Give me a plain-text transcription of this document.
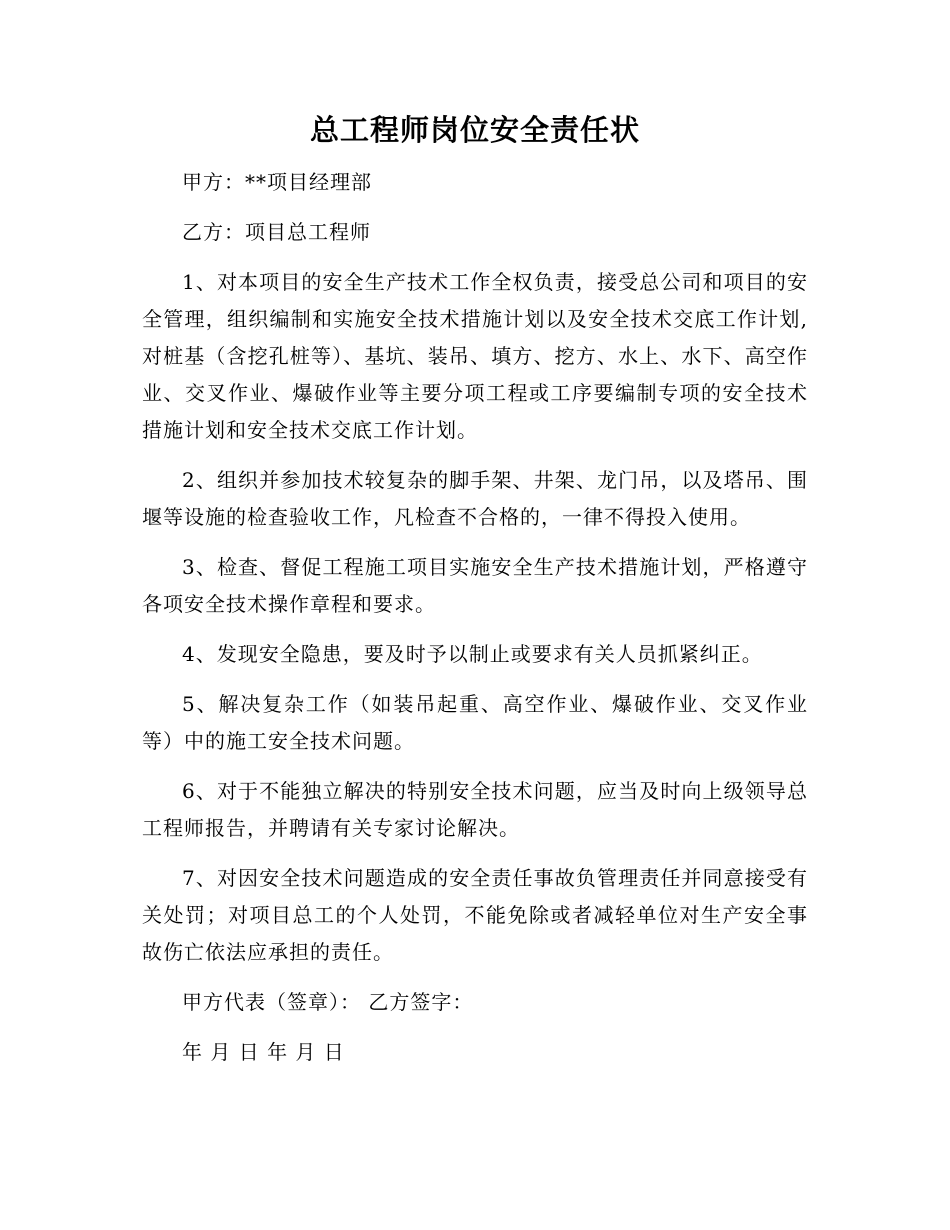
总工程师岗位安全责任状

甲方：**项目经理部

乙方：项目总工程师

1、对本项目的安全生产技术工作全权负责，接受总公司和项目的安全管理，组织编制和实施安全技术措施计划以及安全技术交底工作计划,对桩基（含挖孔桩等）、基坑、装吊、填方、挖方、水上、水下、高空作业、交叉作业、爆破作业等主要分项工程或工序要编制专项的安全技术措施计划和安全技术交底工作计划。

2、组织并参加技术较复杂的脚手架、井架、龙门吊，以及塔吊、围堰等设施的检查验收工作，凡检查不合格的，一律不得投入使用。

3、检查、督促工程施工项目实施安全生产技术措施计划，严格遵守各项安全技术操作章程和要求。

4、发现安全隐患，要及时予以制止或要求有关人员抓紧纠正。

5、解决复杂工作（如装吊起重、高空作业、爆破作业、交叉作业等）中的施工安全技术问题。

6、对于不能独立解决的特别安全技术问题，应当及时向上级领导总工程师报告，并聘请有关专家讨论解决。

7、对因安全技术问题造成的安全责任事故负管理责任并同意接受有关处罚；对项目总工的个人处罚，不能免除或者减轻单位对生产安全事故伤亡依法应承担的责任。

甲方代表（签章）： 乙方签字：

年 月 日 年 月 日
